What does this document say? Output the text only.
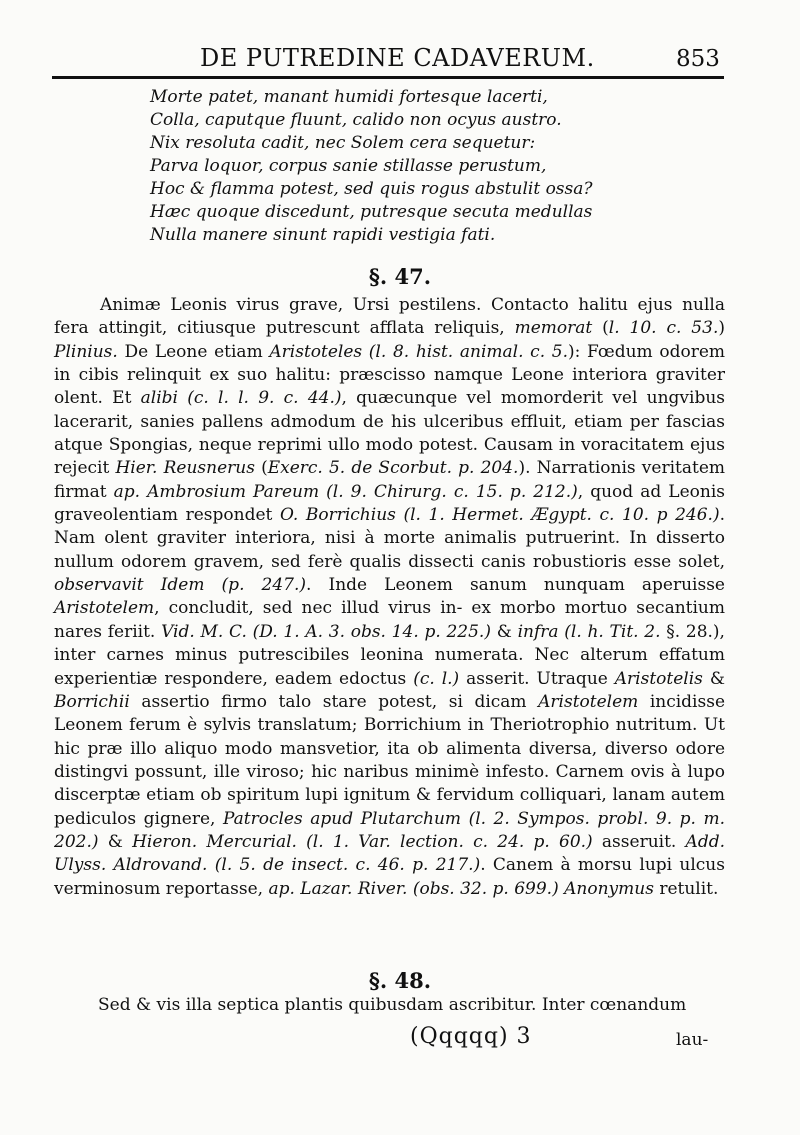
DE PUTREDINE CADAVERUM.	853
Morte patet, manant humidi fortesque lacerti,
Colla, caputque fluunt, calido non ocyus austro.
Nix resoluta cadit, nec Solem cera sequetur:
Parva loquor, corpus sanie stillasse perustum,
Hoc & flamma potest, sed quis rogus abstulit ossa?
Hæc quoque discedunt, putresque secuta medullas
Nulla manere sinunt rapidi vestigia fati.
§. 47.

Animæ Leonis virus grave, Ursi pestilens. Contacto halitu ejus nulla fera attingit, citiusque putrescunt afflata reliquis, memorat (l. 10. c. 53.) Plinius. De Leone etiam Aristoteles (l. 8. hist. animal. c. 5.): Fœdum odorem in cibis relinquit ex suo halitu: præscisso namque Leone interiora graviter olent. Et alibi (c. l. l. 9. c. 44.), quæcunque vel momorderit vel ungvibus lacerarit, sanies pallens admodum de his ulceribus effluit, etiam per fascias atque Spongias, neque reprimi ullo modo potest. Causam in voracitatem ejus rejecit Hier. Reusnerus (Exerc. 5. de Scorbut. p. 204.). Narrationis veritatem firmat ap. Ambrosium Pareum (l. 9. Chirurg. c. 15. p. 212.), quod ad Leonis graveolentiam respondet O. Borrichius (l. 1. Hermet. Ægypt. c. 10. p 246.). Nam olent graviter interiora, nisi à morte animalis putruerint. In disserto nullum odorem gravem, sed ferè qualis dissecti canis robustioris esse solet, observavit Idem (p. 247.). Inde Leonem sanum nunquam aperuisse Aristotelem, concludit, sed nec illud virus in- ex morbo mortuo secantium nares feriit. Vid. M. C. (D. 1. A. 3. obs. 14. p. 225.) & infra (l. h. Tit. 2. §. 28.), inter carnes minus putrescibiles leonina numerata. Nec alterum effatum experientiæ respondere, eadem edoctus (c. l.) asserit. Utraque Aristotelis & Borrichii assertio firmo talo stare potest, si dicam Aristotelem incidisse Leonem ferum è sylvis translatum; Borrichium in Theriotrophio nutritum. Ut hic præ illo aliquo modo mansvetior, ita ob alimenta diversa, diverso odore distingvi possunt, ille viroso; hic naribus minimè infesto. Carnem ovis à lupo discerptæ etiam ob spiritum lupi ignitum & fervidum colliquari, lanam autem pediculos gignere, Patrocles apud Plutarchum (l. 2. Sympos. probl. 9. p. m. 202.) & Hieron. Mercurial. (l. 1. Var. lection. c. 24. p. 60.) asseruit. Add. Ulyss. Aldrovand. (l. 5. de insect. c. 46. p. 217.). Canem à morsu lupi ulcus verminosum reportasse, ap. Lazar. River. (obs. 32. p. 699.) Anonymus retulit.

§. 48.
Sed & vis illa septica plantis quibusdam ascribitur. Inter cœnandum
(Qqqqq) 3	lau-
